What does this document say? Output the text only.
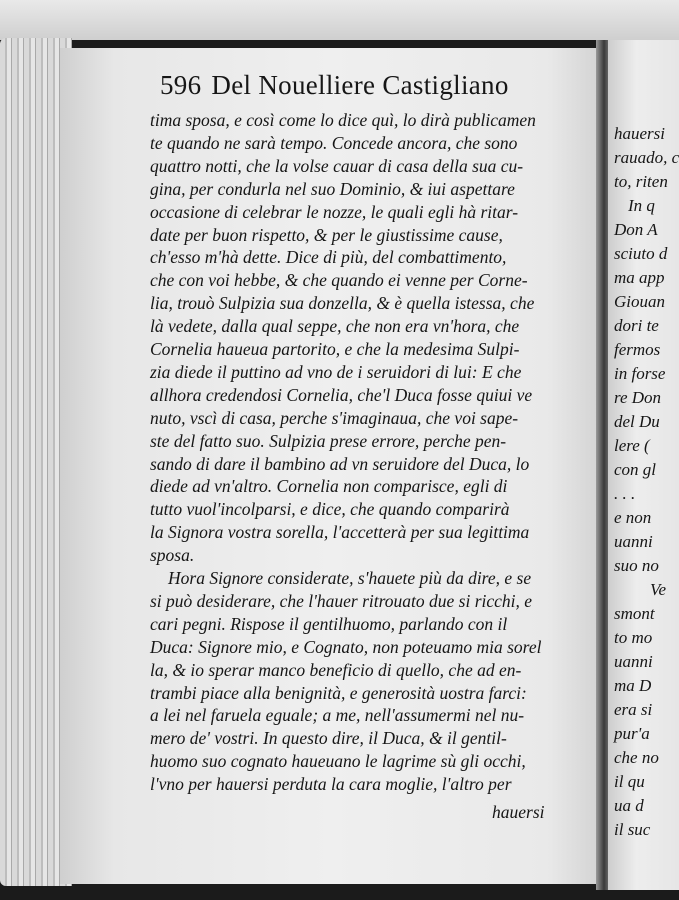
hauersi
rauado, c
to, riten
In q
Don A
sciuto d
ma app
Giouan
dori te
fermos
in forse
re Don
del Du
lere (
con gl
. . .
e non
uanni
suo no
Ve
smont
to mo
uanni
ma D
era si
pur'a
che no
il qu
ua d
il suc
596 Del Nouelliere Castigliano
tima sposa, e così come lo dice quì, lo dirà publicamen
te quando ne sarà tempo. Concede ancora, che sono
quattro notti, che la volse cauar di casa della sua cu-
gina, per condurla nel suo Dominio, & iui aspettare
occasione di celebrar le nozze, le quali egli hà ritar-
date per buon rispetto, & per le giustissime cause,
ch'esso m'hà dette. Dice di più, del combattimento,
che con voi hebbe, & che quando ei venne per Corne-
lia, trouò Sulpizia sua donzella, & è quella istessa, che
là vedete, dalla qual seppe, che non era vn'hora, che
Cornelia haueua partorito, e che la medesima Sulpi-
zia diede il puttino ad vno de i seruidori di lui: E che
allhora credendosi Cornelia, che'l Duca fosse quiui ve
nuto, vscì di casa, perche s'imaginaua, che voi sape-
ste del fatto suo. Sulpizia prese errore, perche pen-
sando di dare il bambino ad vn seruidore del Duca, lo
diede ad vn'altro. Cornelia non comparisce, egli di
tutto vuol'incolparsi, e dice, che quando comparirà
la Signora vostra sorella, l'accetterà per sua legittima
sposa.
Hora Signore considerate, s'hauete più da dire, e se
si può desiderare, che l'hauer ritrouato due si ricchi, e
cari pegni. Rispose il gentilhuomo, parlando con il
Duca: Signore mio, e Cognato, non poteuamo mia sorel
la, & io sperar manco beneficio di quello, che ad en-
trambi piace alla benignità, e generosità uostra farci:
a lei nel faruela eguale; a me, nell'assumermi nel nu-
mero de' vostri. In questo dire, il Duca, & il gentil-
huomo suo cognato haueuano le lagrime sù gli occhi,
l'vno per hauersi perduta la cara moglie, l'altro per
hauersi
